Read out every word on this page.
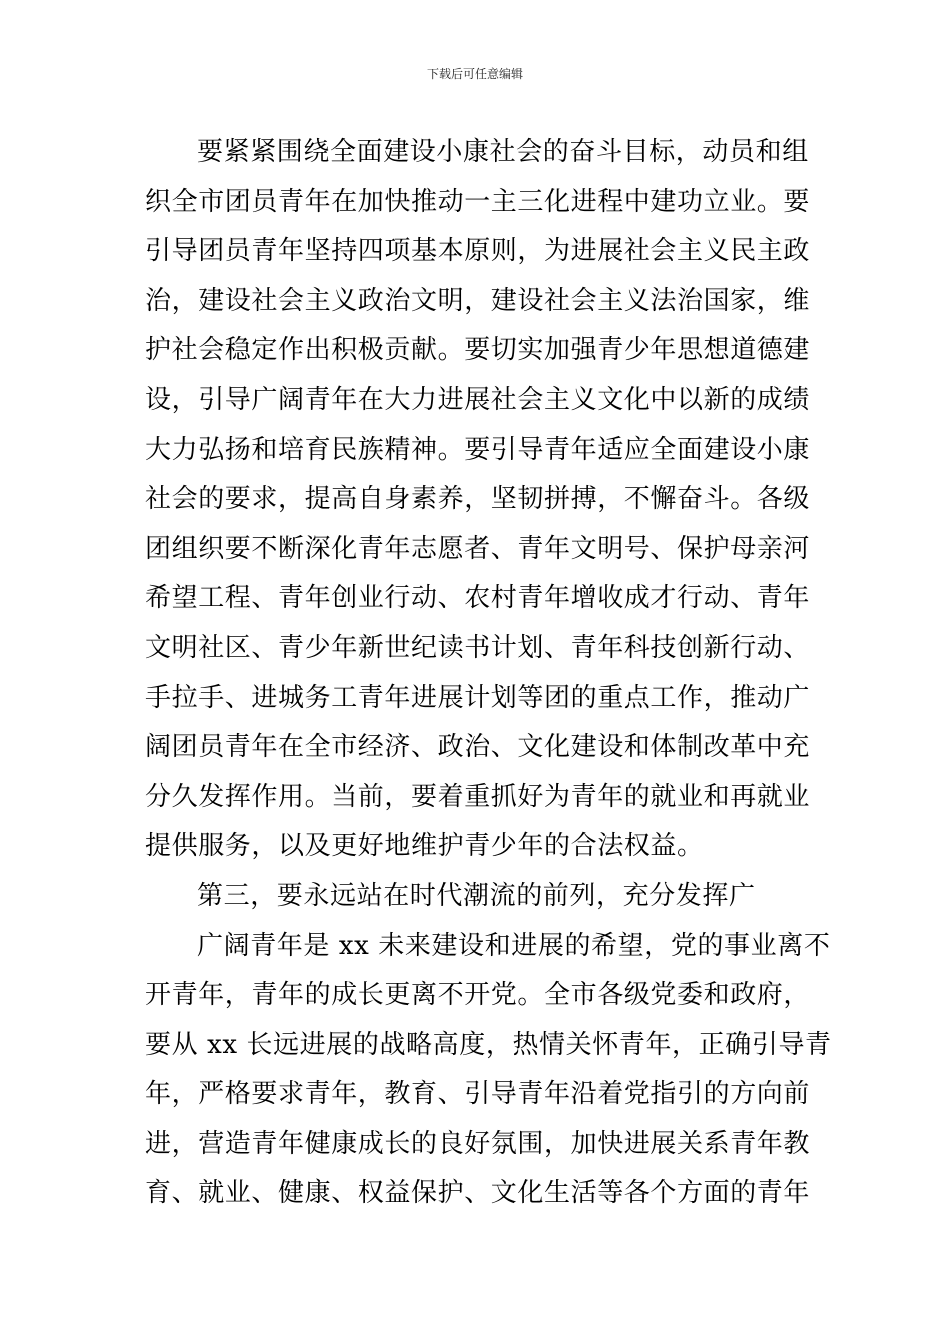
下载后可任意编辑
要紧紧围绕全面建设小康社会的奋斗目标，动员和组
织全市团员青年在加快推动一主三化进程中建功立业。要
引导团员青年坚持四项基本原则，为进展社会主义民主政
治，建设社会主义政治文明，建设社会主义法治国家，维
护社会稳定作出积极贡献。要切实加强青少年思想道德建
设，引导广阔青年在大力进展社会主义文化中以新的成绩
大力弘扬和培育民族精神。要引导青年适应全面建设小康
社会的要求，提高自身素养，坚韧拼搏，不懈奋斗。各级
团组织要不断深化青年志愿者、青年文明号、保护母亲河
希望工程、青年创业行动、农村青年增收成才行动、青年
文明社区、青少年新世纪读书计划、青年科技创新行动、
手拉手、进城务工青年进展计划等团的重点工作，推动广
阔团员青年在全市经济、政治、文化建设和体制改革中充
分久发挥作用。当前，要着重抓好为青年的就业和再就业
提供服务，以及更好地维护青少年的合法权益。
第三，要永远站在时代潮流的前列，充分发挥广
广阔青年是 xx 未来建设和进展的希望，党的事业离不
开青年，青年的成长更离不开党。全市各级党委和政府，
要从 xx 长远进展的战略高度，热情关怀青年，正确引导青
年，严格要求青年，教育、引导青年沿着党指引的方向前
进，营造青年健康成长的良好氛围，加快进展关系青年教
育、就业、健康、权益保护、文化生活等各个方面的青年
